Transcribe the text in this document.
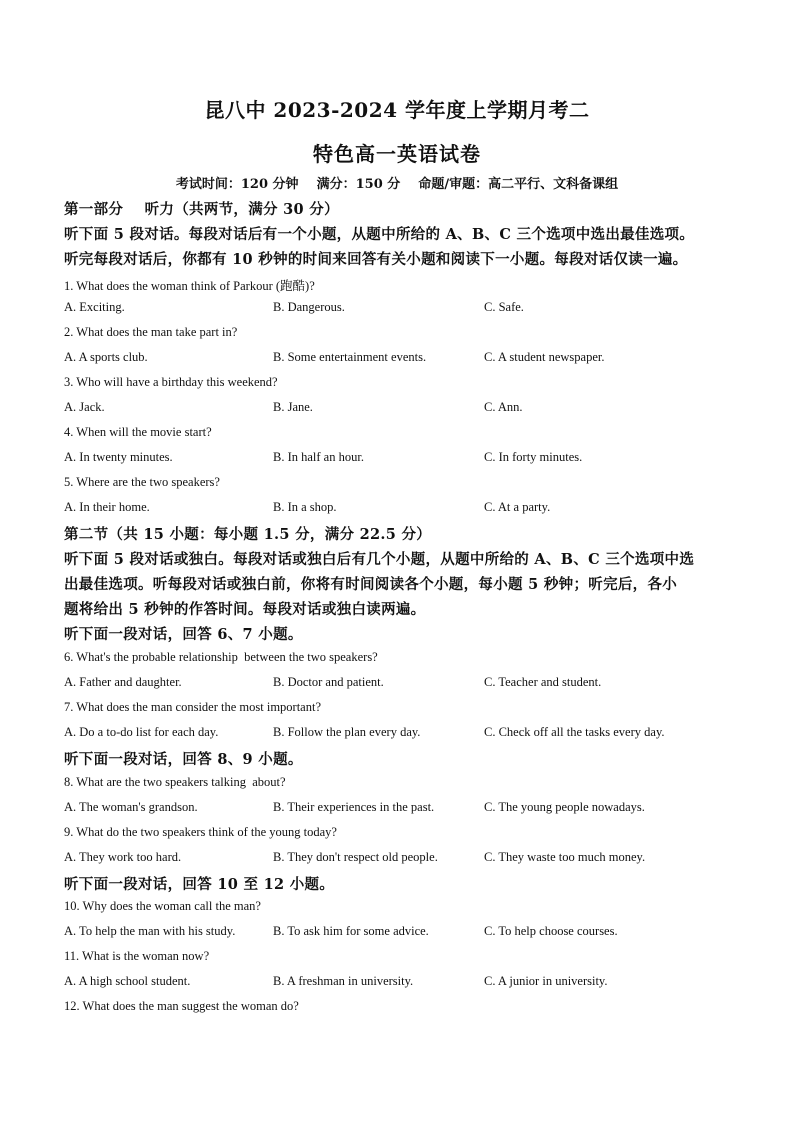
昆八中 2023-2024 学年度上学期月考二
特色高一英语试卷
考试时间：120 分钟    满分：150 分    命题/审题：高二平行、文科备课组
第一部分    听力（共两节，满分 30 分）
听下面 5 段对话。每段对话后有一个小题，从题中所给的 A、B、C 三个选项中选出最佳选项。
听完每段对话后，你都有 10 秒钟的时间来回答有关小题和阅读下一小题。每段对话仅读一遍。
1. What does the woman think of Parkour (跑酷)?
A. Exciting.	B. Dangerous.	C. Safe.
2. What does the man take part in?
A. A sports club.	B. Some entertainment events.	C. A student newspaper.
3. Who will have a birthday this weekend?
A. Jack.	B. Jane.	C. Ann.
4. When will the movie start?
A. In twenty minutes.	B. In half an hour.	C. In forty minutes.
5. Where are the two speakers?
A. In their home.	B. In a shop.	C. At a party.
第二节（共 15 小题：每小题 1.5 分，满分 22.5 分）
听下面 5 段对话或独白。每段对话或独白后有几个小题，从题中所给的 A、B、C 三个选项中选
出最佳选项。听每段对话或独白前，你将有时间阅读各个小题，每小题 5 秒钟；听完后，各小
题将给出 5 秒钟的作答时间。每段对话或独白读两遍。
听下面一段对话，回答 6、7 小题。
6. What's the probable relationship  between the two speakers?
A. Father and daughter.	B. Doctor and patient.	C. Teacher and student.
7. What does the man consider the most important?
A. Do a to-do list for each day.	B. Follow the plan every day.	C. Check off all the tasks every day.
听下面一段对话，回答 8、9 小题。
8. What are the two speakers talking  about?
A. The woman's grandson.	B. Their experiences in the past.	C. The young people nowadays.
9. What do the two speakers think of the young today?
A. They work too hard.	B. They don't respect old people.	C. They waste too much money.
听下面一段对话，回答 10 至 12 小题。
10. Why does the woman call the man?
A. To help the man with his study.	B. To ask him for some advice.	C. To help choose courses.
11. What is the woman now?
A. A high school student.	B. A freshman in university.	C. A junior in university.
12. What does the man suggest the woman do?
